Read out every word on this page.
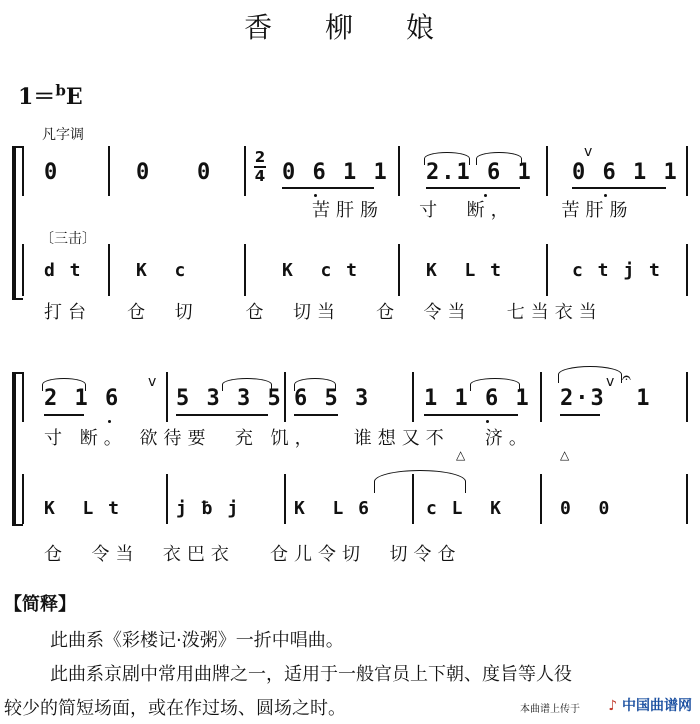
香 柳 娘
1＝$^b$E
凡字调
2
4
0	0   0	0 6 1 1 2.1 6 1 0 6 1 1
v
苦肝肠   寸  断，    苦肝肠
〔三击〕
d t	K  c	K  c t	K  L t	c t j t
打台   仓  切    仓  切当   仓  令当   七当衣当
2 1 6	5 3 3 5 6 5 3 1 1 6 1 2·3  1
v	v 𝄐
寸 断。 欲待要  充 饥，   谁想又不   济。
△	△
K  L t	j ƀ j	K  L 6	c L  K	0  0
仓  令当  衣巴衣   仓儿令切  切令仓
【简释】
此曲系《彩楼记·泼粥》一折中唱曲。
此曲系京剧中常用曲牌之一，适用于一般官员上下朝、度旨等人役
较少的简短场面，或在作过场、圆场之时。	本曲谱上传于 ♪ 中国曲谱网
